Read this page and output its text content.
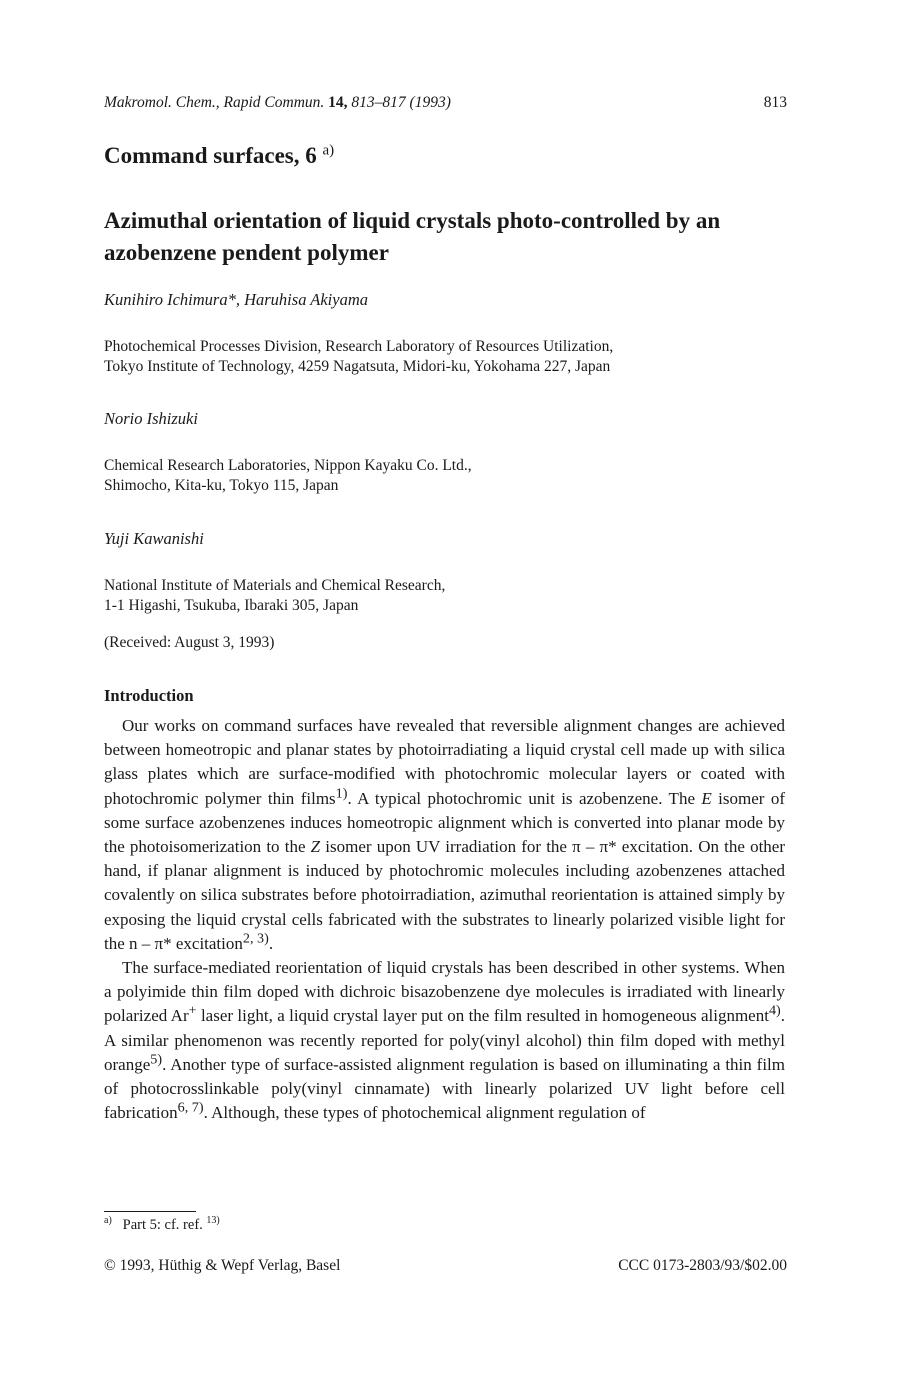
Makromol. Chem., Rapid Commun. 14, 813–817 (1993)	813
Command surfaces, 6 $^{a)}$
Azimuthal orientation of liquid crystals photo-controlled by an azobenzene pendent polymer
Kunihiro Ichimura*, Haruhisa Akiyama
Photochemical Processes Division, Research Laboratory of Resources Utilization,
Tokyo Institute of Technology, 4259 Nagatsuta, Midori-ku, Yokohama 227, Japan
Norio Ishizuki
Chemical Research Laboratories, Nippon Kayaku Co. Ltd.,
Shimocho, Kita-ku, Tokyo 115, Japan
Yuji Kawanishi
National Institute of Materials and Chemical Research,
1-1 Higashi, Tsukuba, Ibaraki 305, Japan
(Received: August 3, 1993)
Introduction

Our works on command surfaces have revealed that reversible alignment changes are achieved between homeotropic and planar states by photoirradiating a liquid crystal cell made up with silica glass plates which are surface-modified with photochromic molecular layers or coated with photochromic polymer thin films$^{1)}$. A typical photochromic unit is azobenzene. The E isomer of some surface azobenzenes induces homeotropic alignment which is converted into planar mode by the photoisomerization to the Z isomer upon UV irradiation for the π – π* excitation. On the other hand, if planar alignment is induced by photochromic molecules including azobenzenes attached covalently on silica substrates before photoirradiation, azimuthal reorientation is attained simply by exposing the liquid crystal cells fabricated with the substrates to linearly polarized visible light for the n – π* excitation$^{2, 3)}$.

The surface-mediated reorientation of liquid crystals has been described in other systems. When a polyimide thin film doped with dichroic bisazobenzene dye molecules is irradiated with linearly polarized Ar+ laser light, a liquid crystal layer put on the film resulted in homogeneous alignment$^{4)}$. A similar phenomenon was recently reported for poly(vinyl alcohol) thin film doped with methyl orange$^{5)}$. Another type of surface-assisted alignment regulation is based on illuminating a thin film of photocrosslinkable poly(vinyl cinnamate) with linearly polarized UV light before cell fabrication$^{6, 7)}$. Although, these types of photochemical alignment regulation of

$^{a)}$ Part 5: cf. ref. $^{13)}$
© 1993, Hüthig & Wepf Verlag, Basel	CCC 0173-2803/93/$02.00
